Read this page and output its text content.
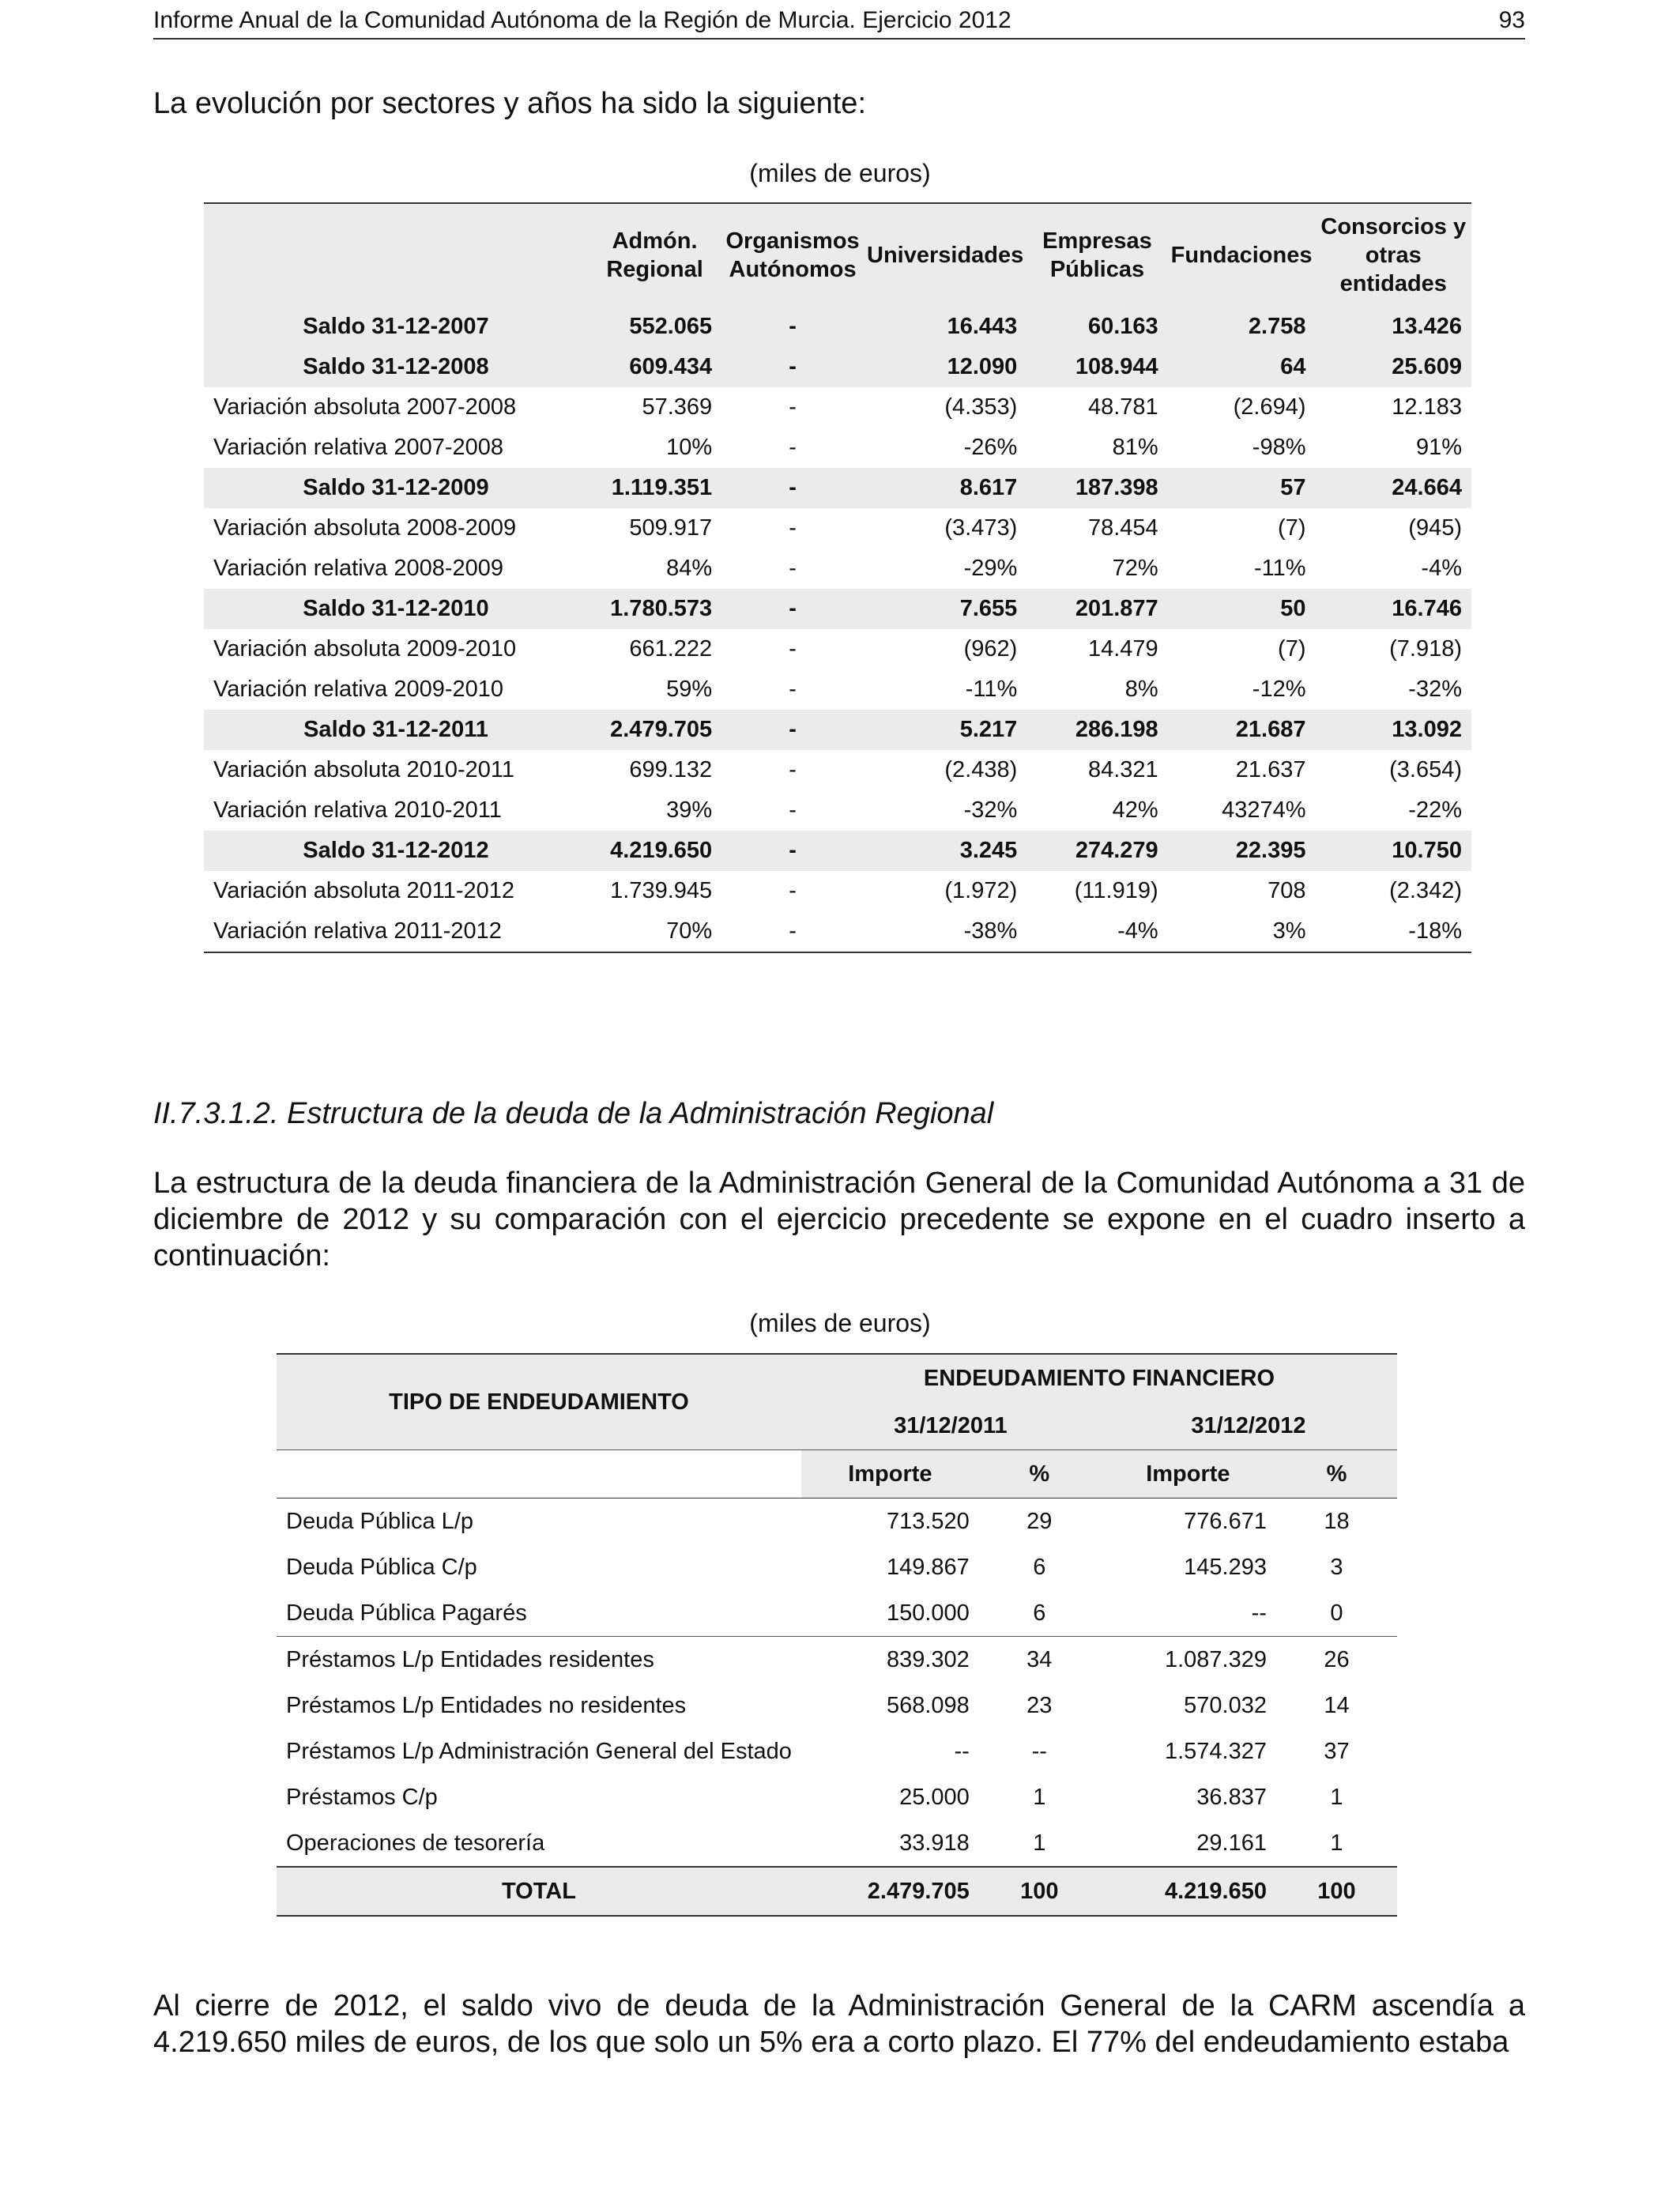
Informe Anual de la Comunidad Autónoma de la Región de Murcia. Ejercicio 2012	93
La evolución por sectores y años ha sido la siguiente:
(miles de euros)
	Admón. Regional	Organismos Autónomos	Universidades	Empresas Públicas	Fundaciones	Consorcios y otras entidades
Saldo 31-12-2007	552.065	-	16.443	60.163	2.758	13.426
Saldo 31-12-2008	609.434	-	12.090	108.944	64	25.609
Variación absoluta 2007-2008	57.369	-	(4.353)	48.781	(2.694)	12.183
Variación relativa 2007-2008	10%	-	-26%	81%	-98%	91%
Saldo 31-12-2009	1.119.351	-	8.617	187.398	57	24.664
Variación absoluta 2008-2009	509.917	-	(3.473)	78.454	(7)	(945)
Variación relativa 2008-2009	84%	-	-29%	72%	-11%	-4%
Saldo 31-12-2010	1.780.573	-	7.655	201.877	50	16.746
Variación absoluta 2009-2010	661.222	-	(962)	14.479	(7)	(7.918)
Variación relativa 2009-2010	59%	-	-11%	8%	-12%	-32%
Saldo 31-12-2011	2.479.705	-	5.217	286.198	21.687	13.092
Variación absoluta 2010-2011	699.132	-	(2.438)	84.321	21.637	(3.654)
Variación relativa 2010-2011	39%	-	-32%	42%	43274%	-22%
Saldo 31-12-2012	4.219.650	-	3.245	274.279	22.395	10.750
Variación absoluta 2011-2012	1.739.945	-	(1.972)	(11.919)	708	(2.342)
Variación relativa 2011-2012	70%	-	-38%	-4%	3%	-18%
II.7.3.1.2. Estructura de la deuda de la Administración Regional
La estructura de la deuda financiera de la Administración General de la Comunidad Autónoma a 31 de diciembre de 2012 y su comparación con el ejercicio precedente se expone en el cuadro inserto a continuación:
(miles de euros)
TIPO DE ENDEUDAMIENTO	ENDEUDAMIENTO FINANCIERO			
	31/12/2011		31/12/2012	
	Importe	%	Importe	%
Deuda Pública L/p	713.520	29	776.671	18
Deuda Pública C/p	149.867	6	145.293	3
Deuda Pública Pagarés	150.000	6	--	0
Préstamos L/p Entidades residentes	839.302	34	1.087.329	26
Préstamos L/p Entidades no residentes	568.098	23	570.032	14
Préstamos L/p Administración General del Estado	--	--	1.574.327	37
Préstamos C/p	25.000	1	36.837	1
Operaciones de tesorería	33.918	1	29.161	1
TOTAL	2.479.705	100	4.219.650	100
Al cierre de 2012, el saldo vivo de deuda de la Administración General de la CARM ascendía a 4.219.650 miles de euros, de los que solo un 5% era a corto plazo. El 77% del endeudamiento estaba
